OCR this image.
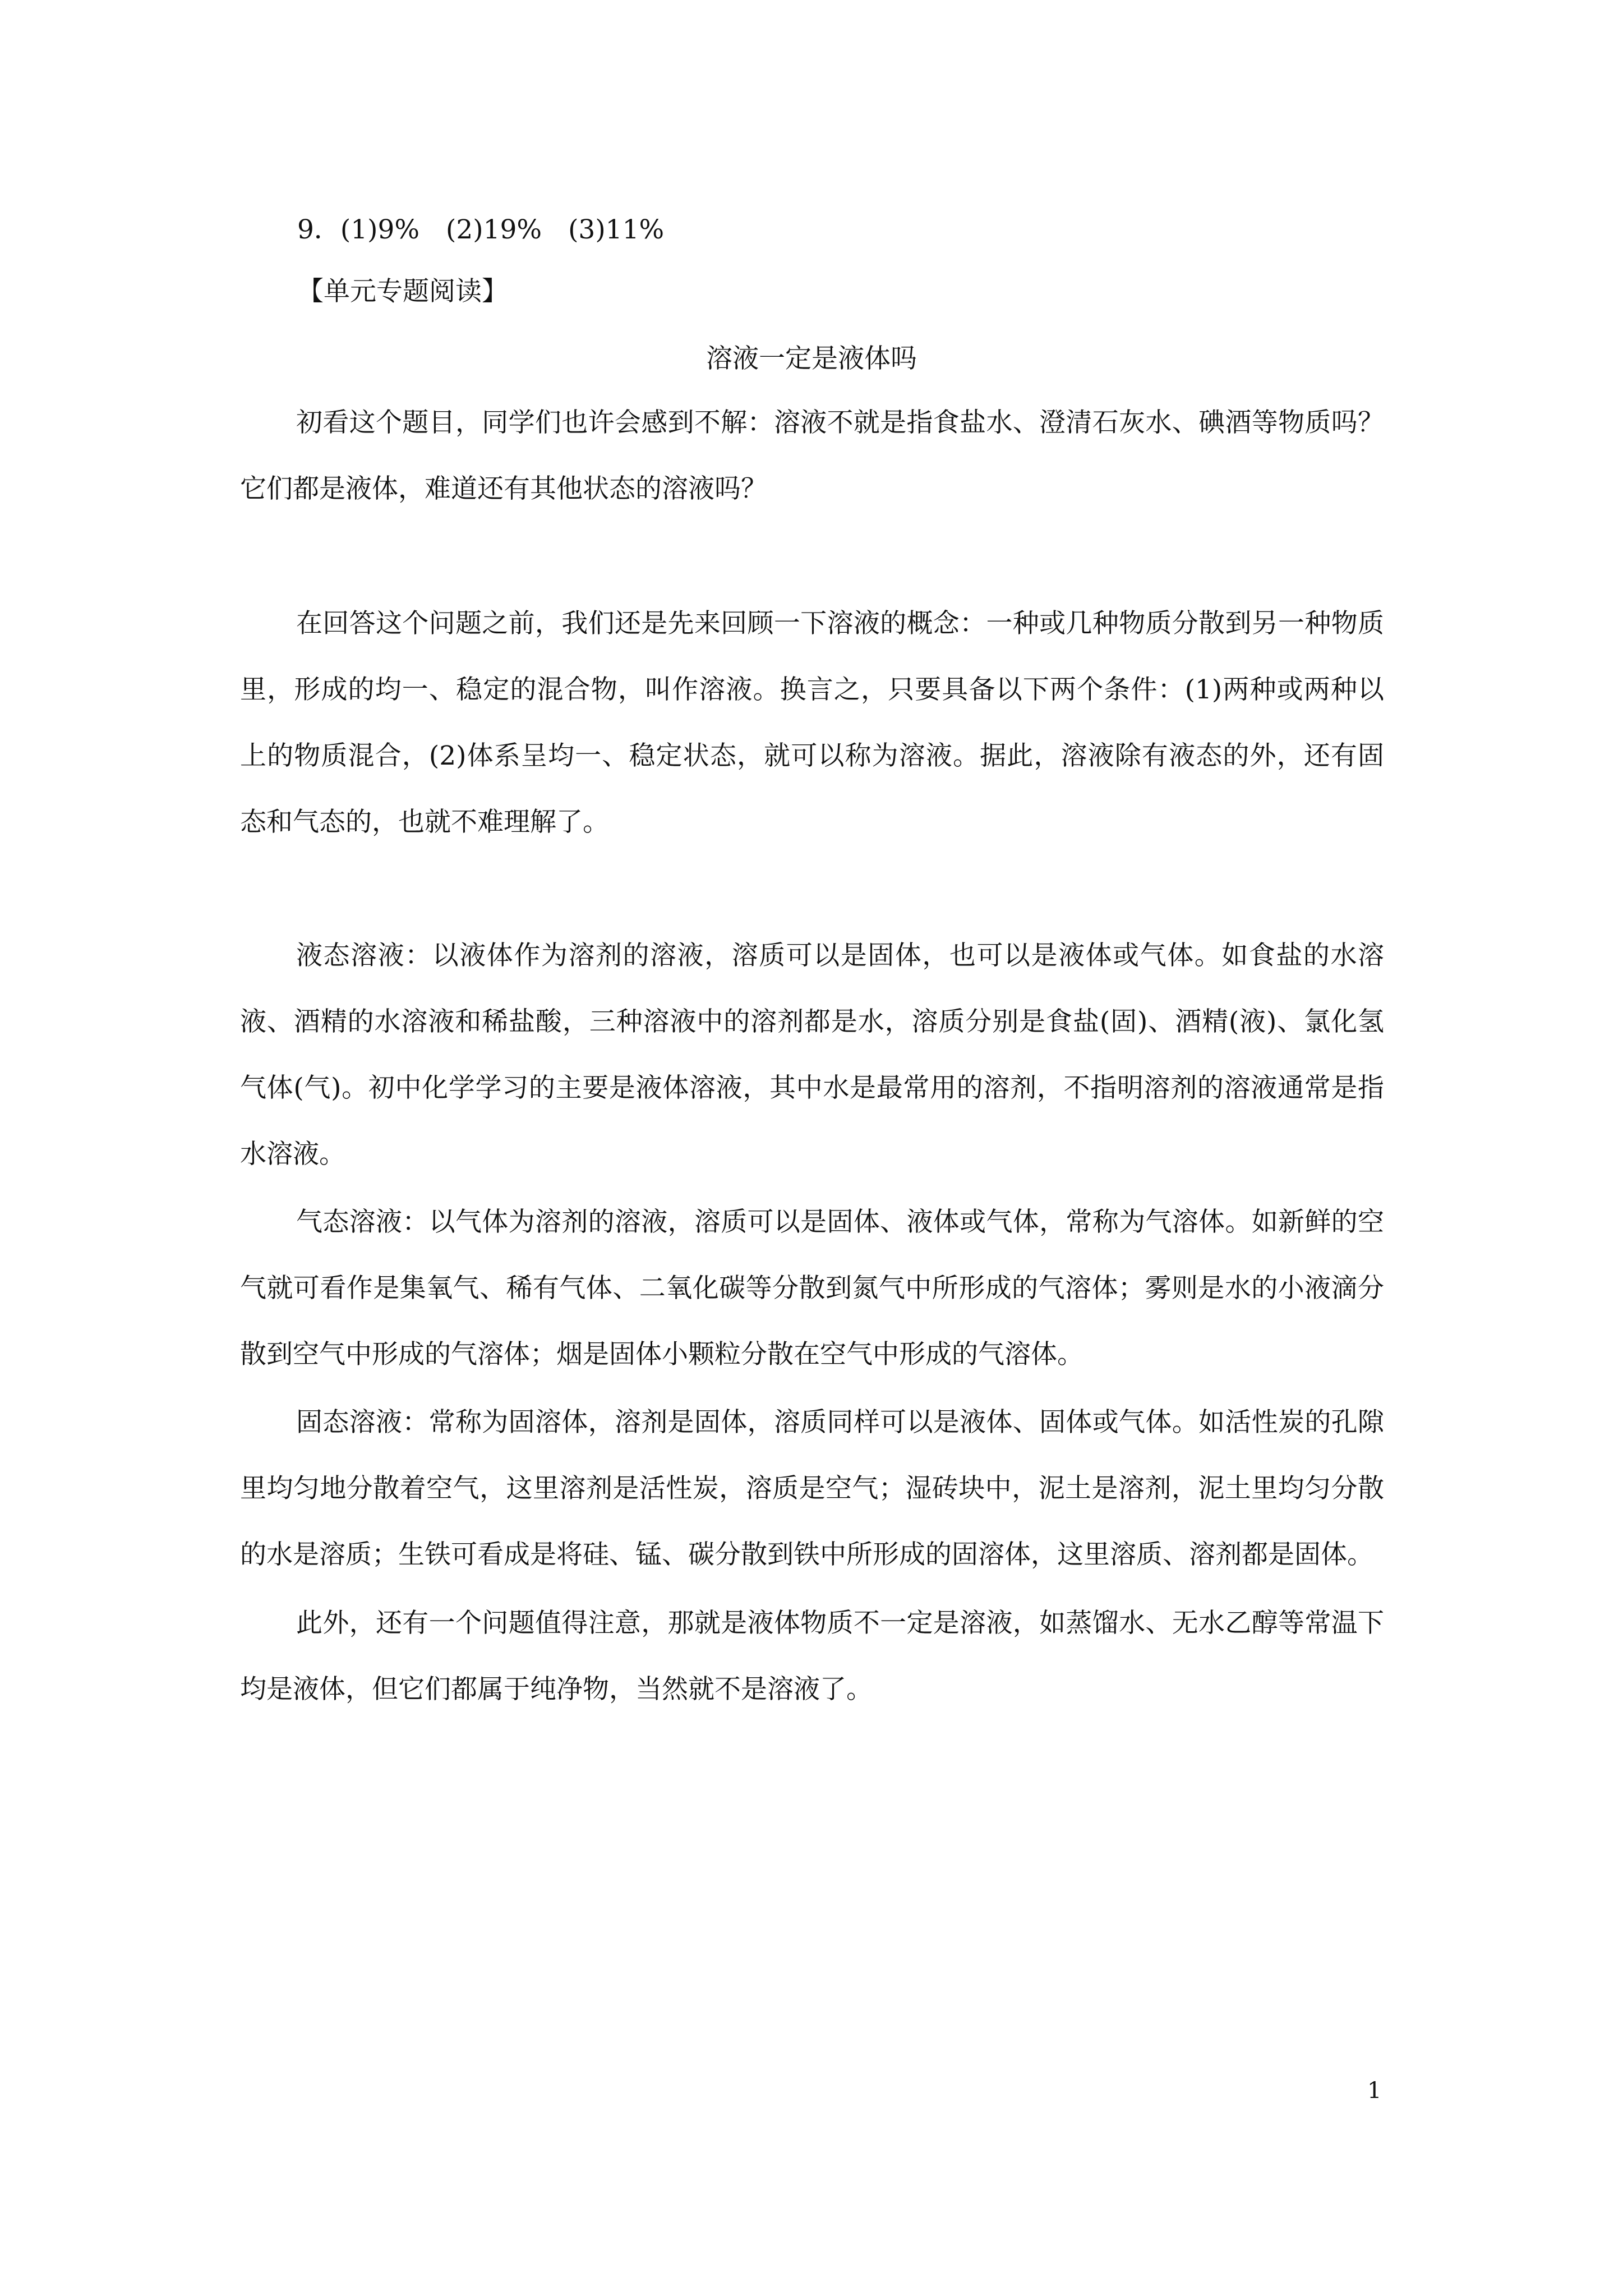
9．(1)9%　(2)19%　(3)11%
【单元专题阅读】
溶液一定是液体吗

初看这个题目，同学们也许会感到不解：溶液不就是指食盐水、澄清石灰水、碘酒等物质吗？它们都是液体，难道还有其他状态的溶液吗？

在回答这个问题之前，我们还是先来回顾一下溶液的概念：一种或几种物质分散到另一种物质里，形成的均一、稳定的混合物，叫作溶液。换言之，只要具备以下两个条件：(1)两种或两种以上的物质混合，(2)体系呈均一、稳定状态，就可以称为溶液。据此，溶液除有液态的外，还有固态和气态的，也就不难理解了。

液态溶液：以液体作为溶剂的溶液，溶质可以是固体，也可以是液体或气体。如食盐的水溶液、酒精的水溶液和稀盐酸，三种溶液中的溶剂都是水，溶质分别是食盐(固)、酒精(液)、氯化氢气体(气)。初中化学学习的主要是液体溶液，其中水是最常用的溶剂，不指明溶剂的溶液通常是指水溶液。

气态溶液：以气体为溶剂的溶液，溶质可以是固体、液体或气体，常称为气溶体。如新鲜的空气就可看作是集氧气、稀有气体、二氧化碳等分散到氮气中所形成的气溶体；雾则是水的小液滴分散到空气中形成的气溶体；烟是固体小颗粒分散在空气中形成的气溶体。

固态溶液：常称为固溶体，溶剂是固体，溶质同样可以是液体、固体或气体。如活性炭的孔隙里均匀地分散着空气，这里溶剂是活性炭，溶质是空气；湿砖块中，泥土是溶剂，泥土里均匀分散的水是溶质；生铁可看成是将硅、锰、碳分散到铁中所形成的固溶体，这里溶质、溶剂都是固体。

此外，还有一个问题值得注意，那就是液体物质不一定是溶液，如蒸馏水、无水乙醇等常温下均是液体，但它们都属于纯净物，当然就不是溶液了。

1
